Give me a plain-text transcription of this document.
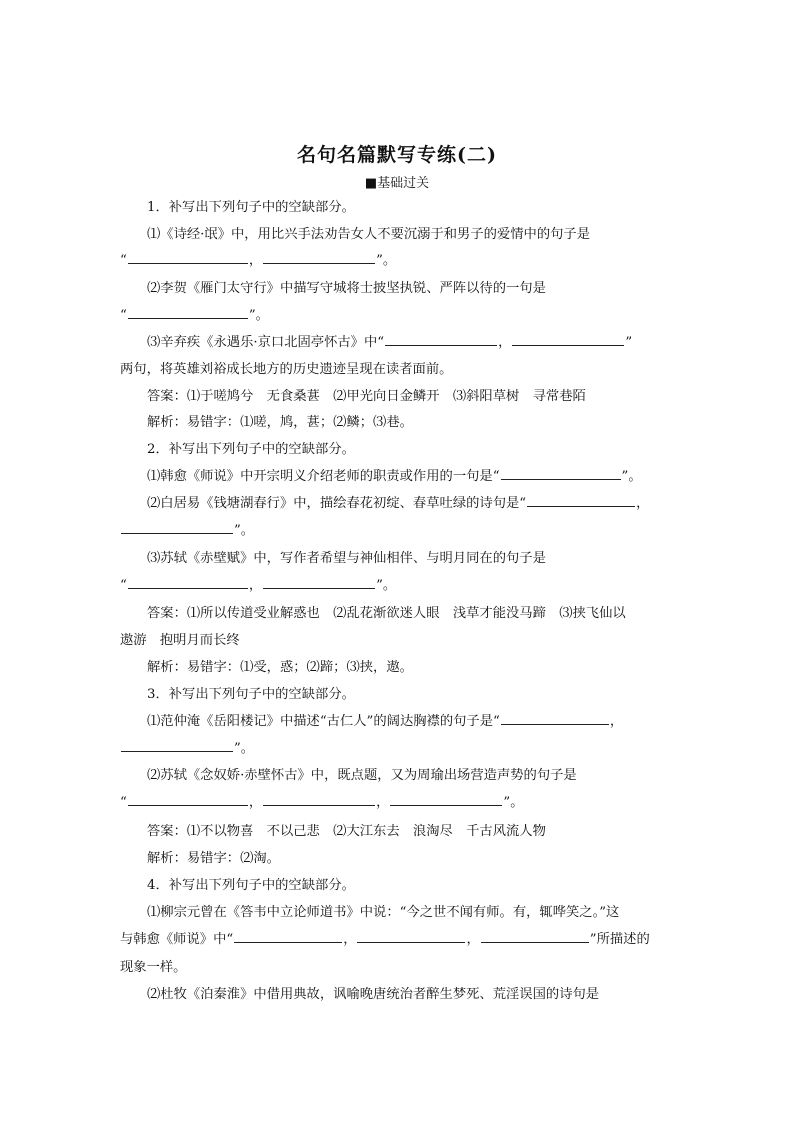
名句名篇默写专练(二)
■基础过关
1．补写出下列句子中的空缺部分。
⑴《诗经·氓》中，用比兴手法劝告女人不要沉溺于和男子的爱情中的句子是
“	，	”。
⑵李贺《雁门太守行》中描写守城将士披坚执锐、严阵以待的一句是
“	”。
⑶辛弃疾《永遇乐·京口北固亭怀古》中“	，	”
两句，将英雄刘裕成长地方的历史遗迹呈现在读者面前。
答案：⑴于嗟鸠兮　无食桑葚　⑵甲光向日金鳞开　⑶斜阳草树　寻常巷陌
解析：易错字：⑴嗟，鸠，葚；⑵鳞；⑶巷。
2．补写出下列句子中的空缺部分。
⑴韩愈《师说》中开宗明义介绍老师的职责或作用的一句是“	”。
⑵白居易《钱塘湖春行》中，描绘春花初绽、春草吐绿的诗句是“	，
”。
⑶苏轼《赤壁赋》中，写作者希望与神仙相伴、与明月同在的句子是
“	，	”。
答案：⑴所以传道受业解惑也　⑵乱花渐欲迷人眼　浅草才能没马蹄　⑶挟飞仙以
遨游　抱明月而长终
解析：易错字：⑴受，惑；⑵蹄；⑶挟，遨。
3．补写出下列句子中的空缺部分。
⑴范仲淹《岳阳楼记》中描述“古仁人”的阔达胸襟的句子是“	，
”。
⑵苏轼《念奴娇·赤壁怀古》中，既点题，又为周瑜出场营造声势的句子是
“	，	，	”。
答案：⑴不以物喜　不以己悲　⑵大江东去　浪淘尽　千古风流人物
解析：易错字：⑵淘。
4．补写出下列句子中的空缺部分。
⑴柳宗元曾在《答韦中立论师道书》中说：“今之世不闻有师。有，辄哗笑之。”这
与韩愈《师说》中“	，	，	”所描述的
现象一样。
⑵杜牧《泊秦淮》中借用典故，讽喻晚唐统治者醉生梦死、荒淫误国的诗句是
